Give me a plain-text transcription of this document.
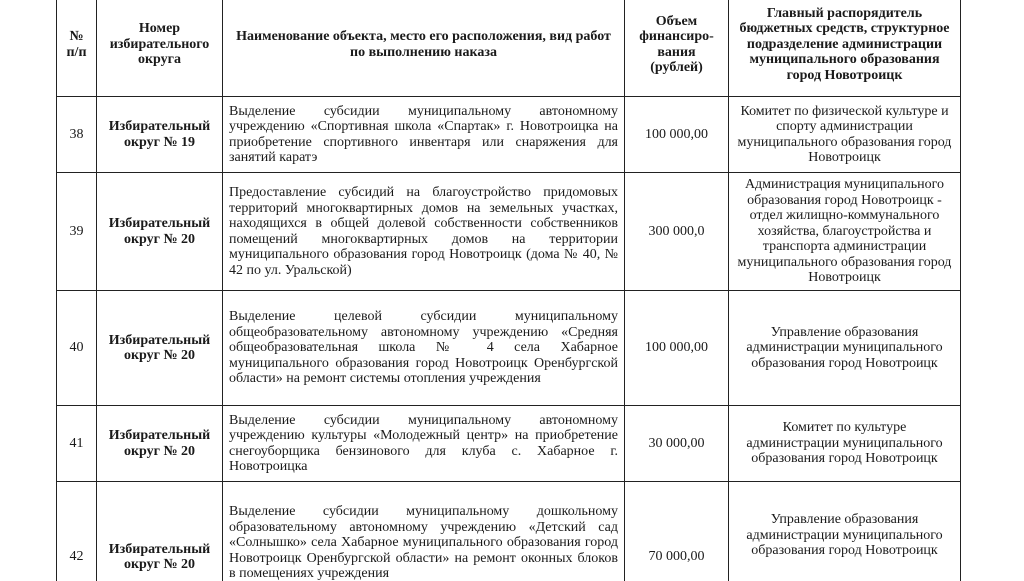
№ п/п	Номер избирательного округа	Наименование объекта, место его расположения, вид работ по выполнению наказа	Объем финансиро-вания (рублей)	Главный распорядитель бюджетных средств, структурное подразделение администрации муниципального образования город Новотроицк
38	Избирательный округ № 19	Выделение субсидии муниципальному автономному учреждению «Спортивная школа «Спартак» г. Новотроицка на приобретение спортивного инвентаря или снаряжения для занятий каратэ	100 000,00	Комитет по физической культуре и спорту администрации муниципального образования город Новотроицк
39	Избирательный округ № 20	Предоставление субсидий на благоустройство придомовых территорий многоквартирных домов на земельных участках, находящихся в общей долевой собственности собственников помещений многоквартирных домов на территории муниципального образования город Новотроицк (дома № 40, № 42 по ул. Уральской)	300 000,0	Администрация муниципального образования город Новотроицк - отдел жилищно-коммунального хозяйства, благоустройства и транспорта администрации муниципального образования город Новотроицк
40	Избирательный округ № 20	Выделение целевой субсидии муниципальному общеобразовательному автономному учреждению «Средняя общеобразовательная школа № 4 села Хабарное муниципального образования город Новотроицк Оренбургской области» на ремонт системы отопления учреждения	100 000,00	Управление образования администрации муниципального образования город Новотроицк
41	Избирательный округ № 20	Выделение субсидии муниципальному автономному учреждению культуры «Молодежный центр» на приобретение снегоуборщика бензинового для клуба с. Хабарное г. Новотроицка	30 000,00	Комитет по культуре администрации муниципального образования город Новотроицк
42	Избирательный округ № 20	Выделение субсидии муниципальному дошкольному образовательному автономному учреждению «Детский сад «Солнышко» села Хабарное муниципального образования город Новотроицк Оренбургской области» на ремонт оконных блоков в помещениях учреждения	70 000,00	Управление образования администрации муниципального образования город Новотроицк
